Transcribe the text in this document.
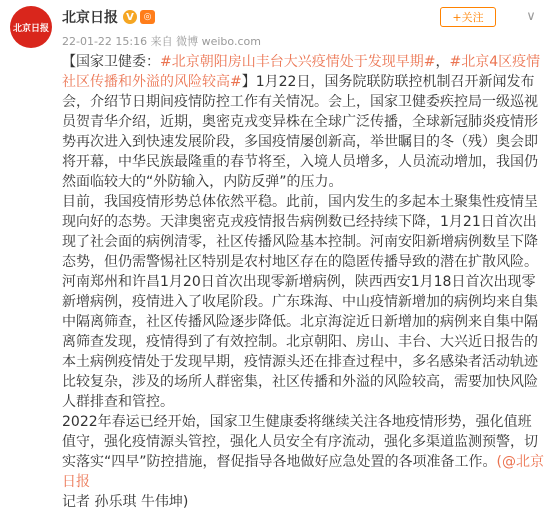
北京日报
北京日报 V	◎
22-01-22 15:16 来自 微博 weibo.com
+关注	∨

【国家卫健委：#北京朝阳房山丰台大兴疫情处于发现早期#，#北京4区疫情社区传播和外溢的风险较高#】1月22日，国务院联防联控机制召开新闻发布会，介绍节日期间疫情防控工作有关情况。会上，国家卫健委疾控局一级巡视员贺青华介绍，近期，奥密克戎变异株在全球广泛传播，全球新冠肺炎疫情形势再次进入到快速发展阶段，多国疫情屡创新高，举世瞩目的冬（残）奥会即将开幕，中华民族最隆重的春节将至，入境人员增多，人员流动增加，我国仍然面临较大的“外防输入，内防反弹”的压力。

目前，我国疫情形势总体依然平稳。此前，国内发生的多起本土聚集性疫情呈现向好的态势。天津奥密克戎疫情报告病例数已经持续下降，1月21日首次出现了社会面的病例清零，社区传播风险基本控制。河南安阳新增病例数呈下降态势，但仍需警惕社区特别是农村地区存在的隐匿传播导致的潜在扩散风险。河南郑州和许昌1月20日首次出现零新增病例，陕西西安1月18日首次出现零新增病例，疫情进入了收尾阶段。广东珠海、中山疫情新增加的病例均来自集中隔离筛查，社区传播风险逐步降低。北京海淀近日新增加的病例来自集中隔离筛查发现，疫情得到了有效控制。北京朝阳、房山、丰台、大兴近日报告的本土病例疫情处于发现早期，疫情源头还在排查过程中，多名感染者活动轨迹比较复杂，涉及的场所人群密集，社区传播和外溢的风险较高，需要加快风险人群排查和管控。

2022年春运已经开始，国家卫生健康委将继续关注各地疫情形势，强化值班值守，强化疫情源头管控，强化人员安全有序流动，强化多渠道监测预警，切实落实“四早”防控措施，督促指导各地做好应急处置的各项准备工作。(@北京日报

记者 孙乐琪 牛伟坤)
